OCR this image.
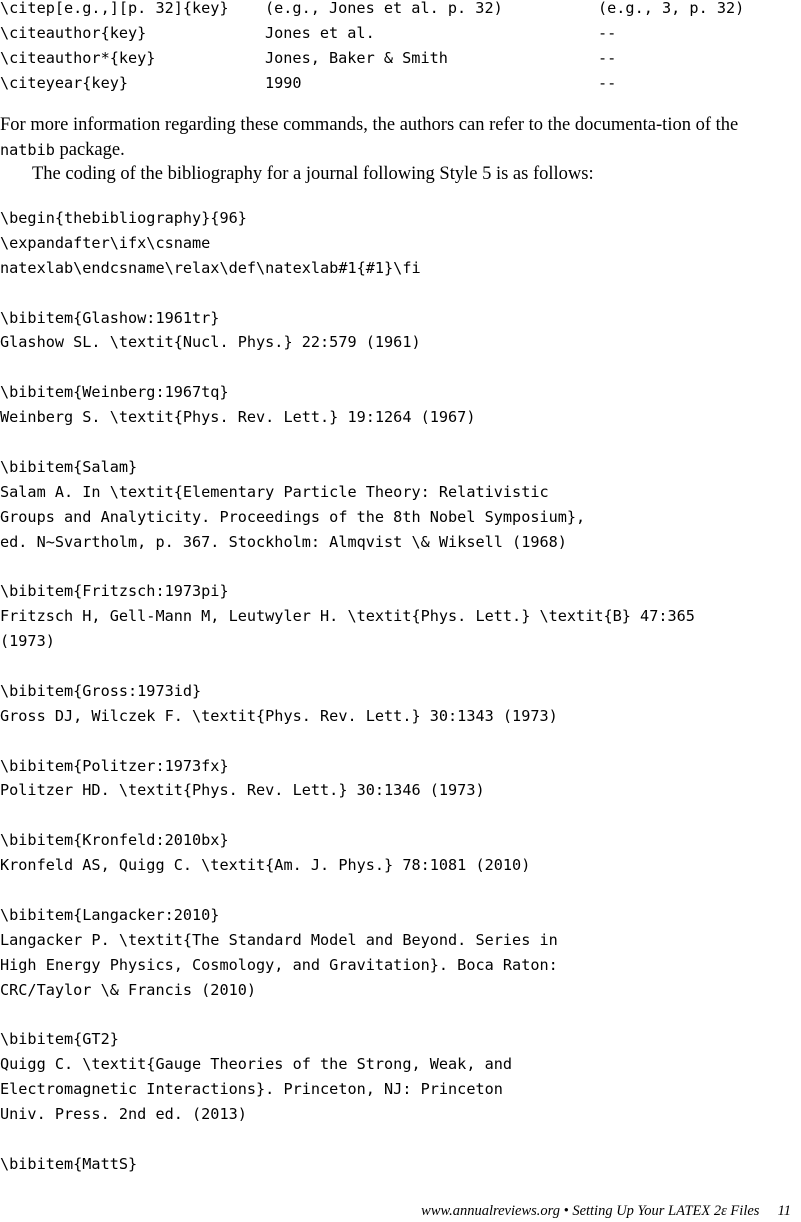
\citep[e.g.,][p. 32]{key} (e.g., Jones et al. p. 32)	(e.g., 3, p. 32)
\citeauthor{key}	Jones et al.	--
\citeauthor*{key}	Jones, Baker & Smith	--
\citeyear{key}	1990	--

For more information regarding these commands, the authors can refer to the documenta-tion of the natbib package.

The coding of the bibliography for a journal following Style 5 is as follows:

\begin{thebibliography}{96}
\expandafter\ifx\csname
natexlab\endcsname\relax\def\natexlab#1{#1}\fi
\bibitem{Glashow:1961tr}
Glashow SL. \textit{Nucl. Phys.} 22:579 (1961)
\bibitem{Weinberg:1967tq}
Weinberg S. \textit{Phys. Rev. Lett.} 19:1264 (1967)
\bibitem{Salam}
Salam A. In \textit{Elementary Particle Theory: Relativistic
Groups and Analyticity. Proceedings of the 8th Nobel Symposium},
ed. N~Svartholm, p. 367. Stockholm: Almqvist \& Wiksell (1968)
\bibitem{Fritzsch:1973pi}
Fritzsch H, Gell-Mann M, Leutwyler H. \textit{Phys. Lett.} \textit{B} 47:365
(1973)
\bibitem{Gross:1973id}
Gross DJ, Wilczek F. \textit{Phys. Rev. Lett.} 30:1343 (1973)
\bibitem{Politzer:1973fx}
Politzer HD. \textit{Phys. Rev. Lett.} 30:1346 (1973)
\bibitem{Kronfeld:2010bx}
Kronfeld AS, Quigg C. \textit{Am. J. Phys.} 78:1081 (2010)
\bibitem{Langacker:2010}
Langacker P. \textit{The Standard Model and Beyond. Series in
High Energy Physics, Cosmology, and Gravitation}. Boca Raton:
CRC/Taylor \& Francis (2010)
\bibitem{GT2}
Quigg C. \textit{Gauge Theories of the Strong, Weak, and
Electromagnetic Interactions}. Princeton, NJ: Princeton
Univ. Press. 2nd ed. (2013)
\bibitem{MattS}
www.annualreviews.org • Setting Up Your LATEX 2ε Files 11
